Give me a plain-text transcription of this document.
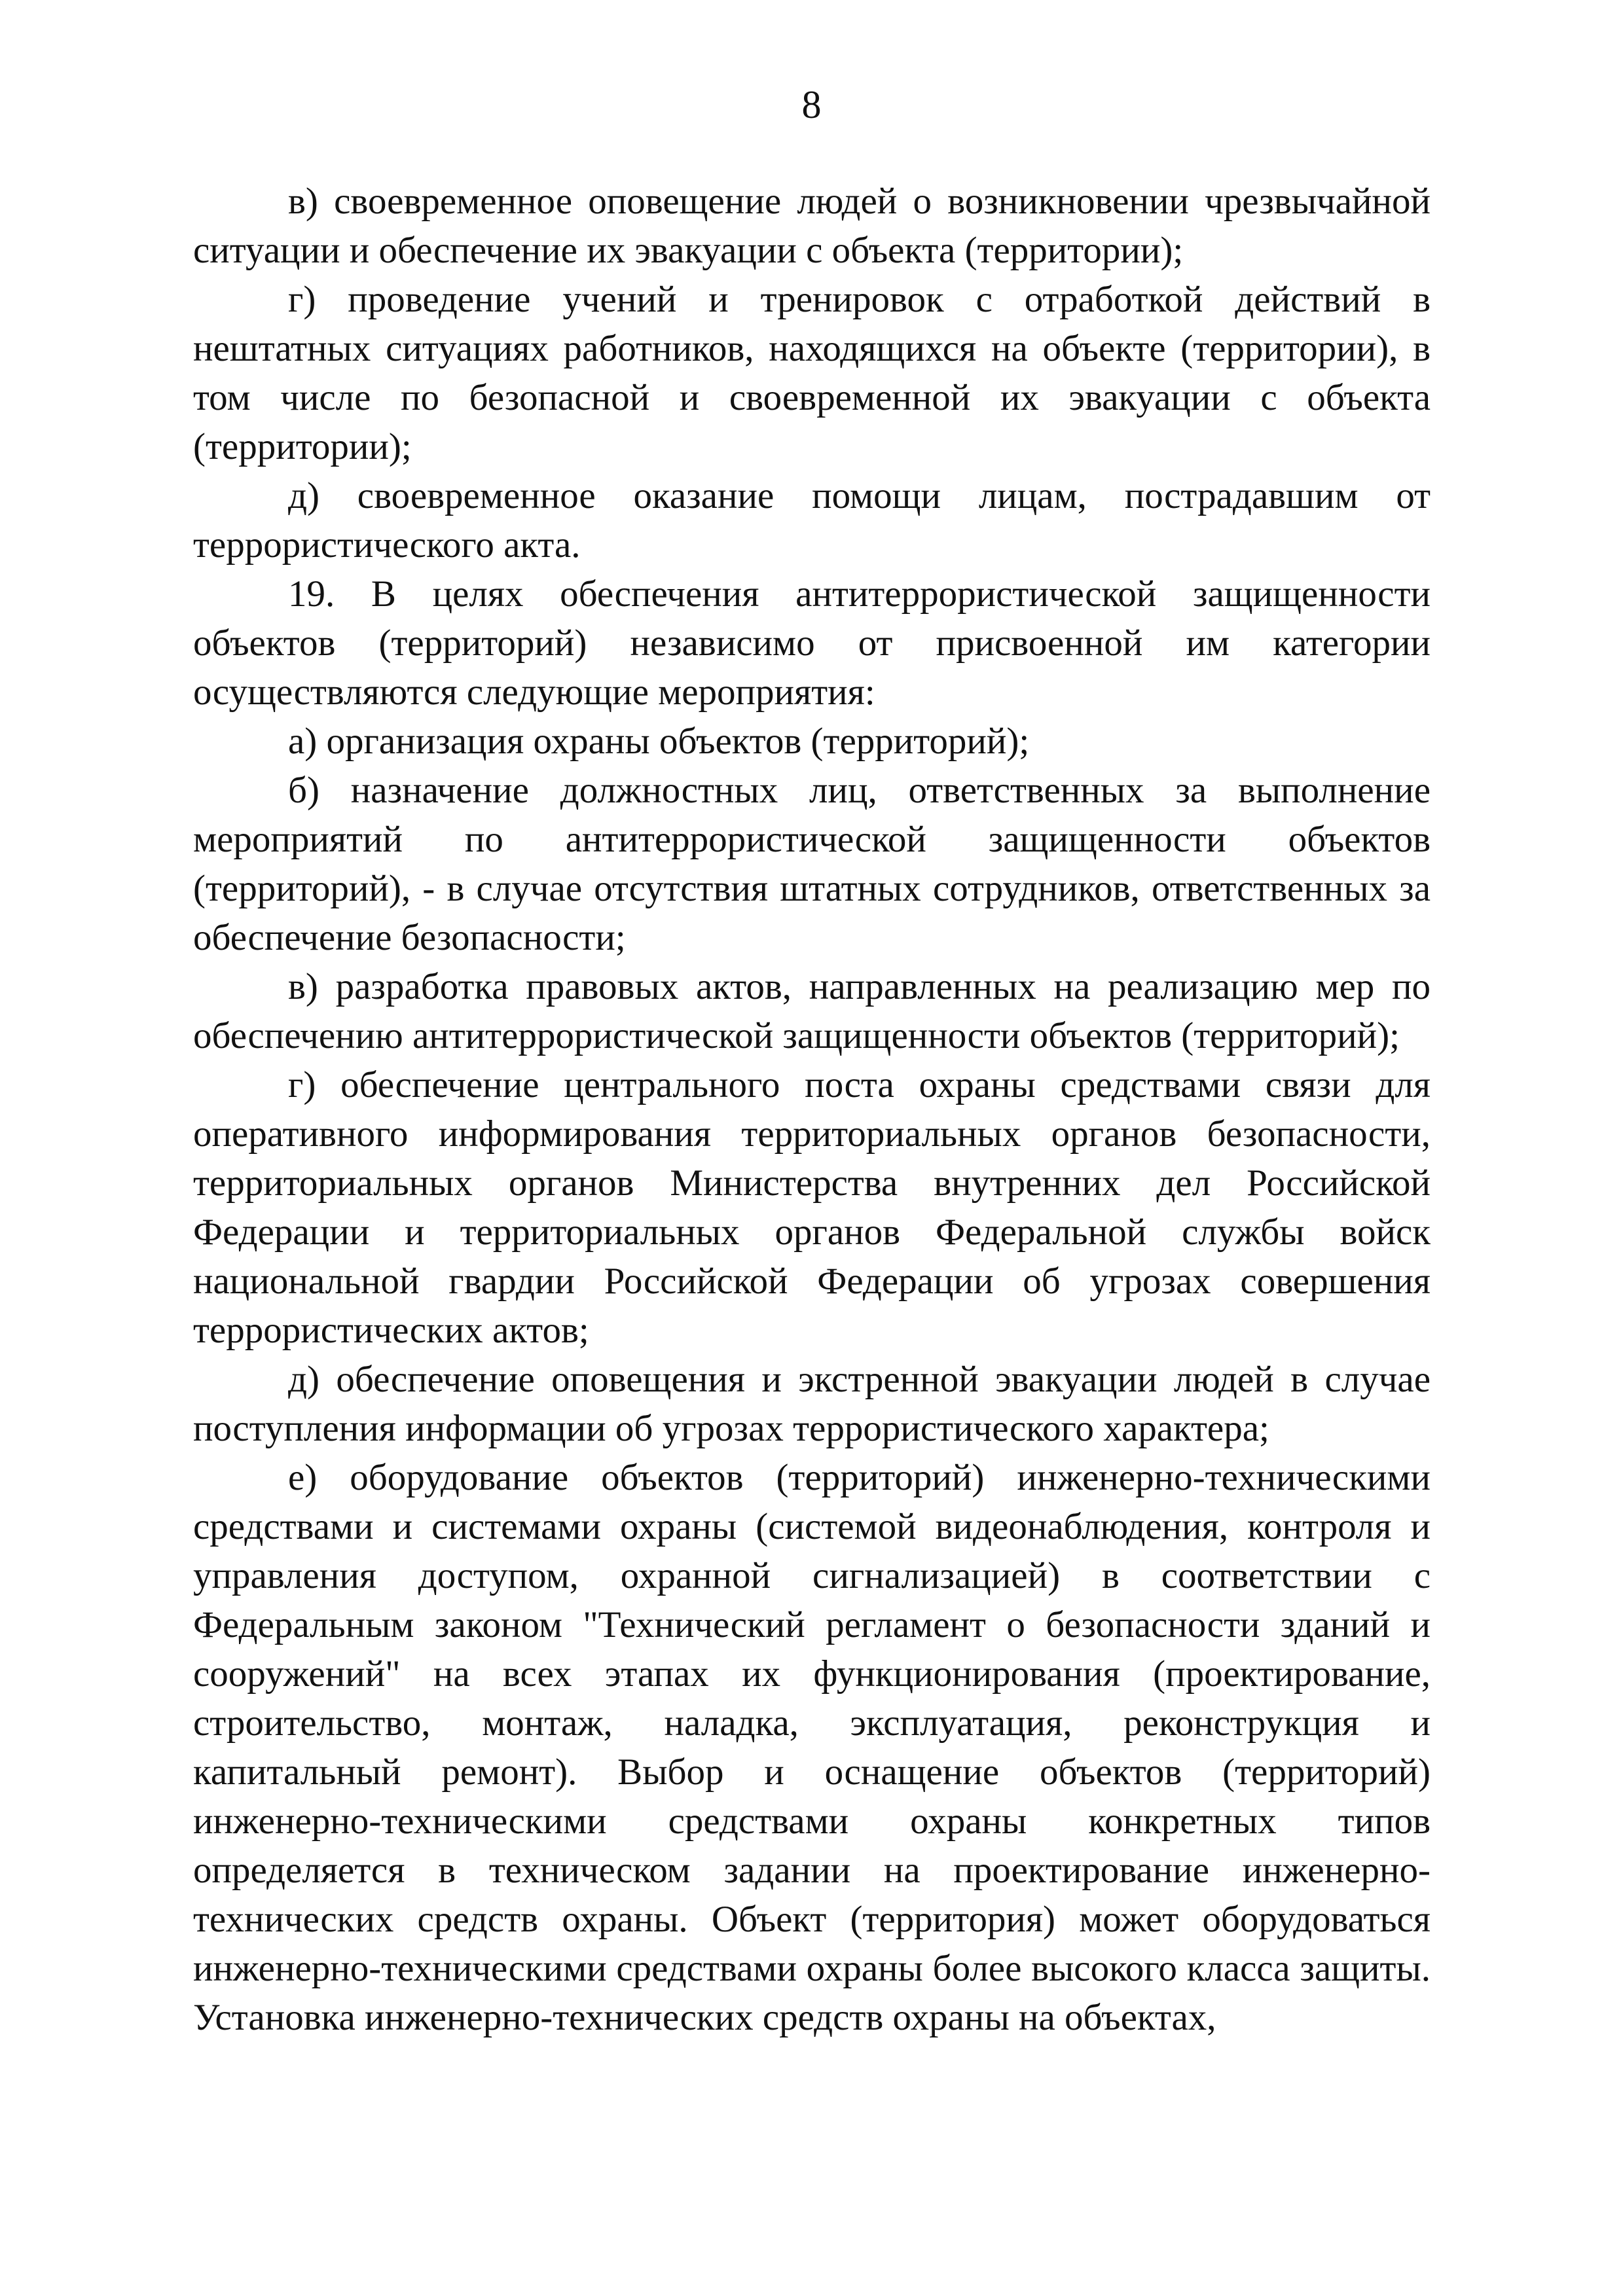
8

в) своевременное оповещение людей о возникновении чрезвычайной ситуации и обеспечение их эвакуации с объекта (территории);

г) проведение учений и тренировок с отработкой действий в нештатных ситуациях работников, находящихся на объекте (территории), в том числе по безопасной и своевременной их эвакуации с объекта (территории);

д) своевременное оказание помощи лицам, пострадавшим от террористического акта.

19. В целях обеспечения антитеррористической защищенности объектов (территорий) независимо от присвоенной им категории осуществляются следующие мероприятия:

а) организация охраны объектов (территорий);

б) назначение должностных лиц, ответственных за выполнение мероприятий по антитеррористической защищенности объектов (территорий), - в случае отсутствия штатных сотрудников, ответственных за обеспечение безопасности;

в) разработка правовых актов, направленных на реализацию мер по обеспечению антитеррористической защищенности объектов (территорий);

г) обеспечение центрального поста охраны средствами связи для оперативного информирования территориальных органов безопасности, территориальных органов Министерства внутренних дел Российской Федерации и территориальных органов Федеральной службы войск национальной гвардии Российской Федерации об угрозах совершения террористических актов;

д) обеспечение оповещения и экстренной эвакуации людей в случае поступления информации об угрозах террористического характера;

е) оборудование объектов (территорий) инженерно-техническими средствами и системами охраны (системой видеонаблюдения, контроля и управления доступом, охранной сигнализацией) в соответствии с Федеральным законом "Технический регламент о безопасности зданий и сооружений" на всех этапах их функционирования (проектирование, строительство, монтаж, наладка, эксплуатация, реконструкция и капитальный ремонт). Выбор и оснащение объектов (территорий) инженерно-техническими средствами охраны конкретных типов определяется в техническом задании на проектирование инженерно-технических средств охраны. Объект (территория) может оборудоваться инженерно-техническими средствами охраны более высокого класса защиты. Установка инженерно-технических средств охраны на объектах,
